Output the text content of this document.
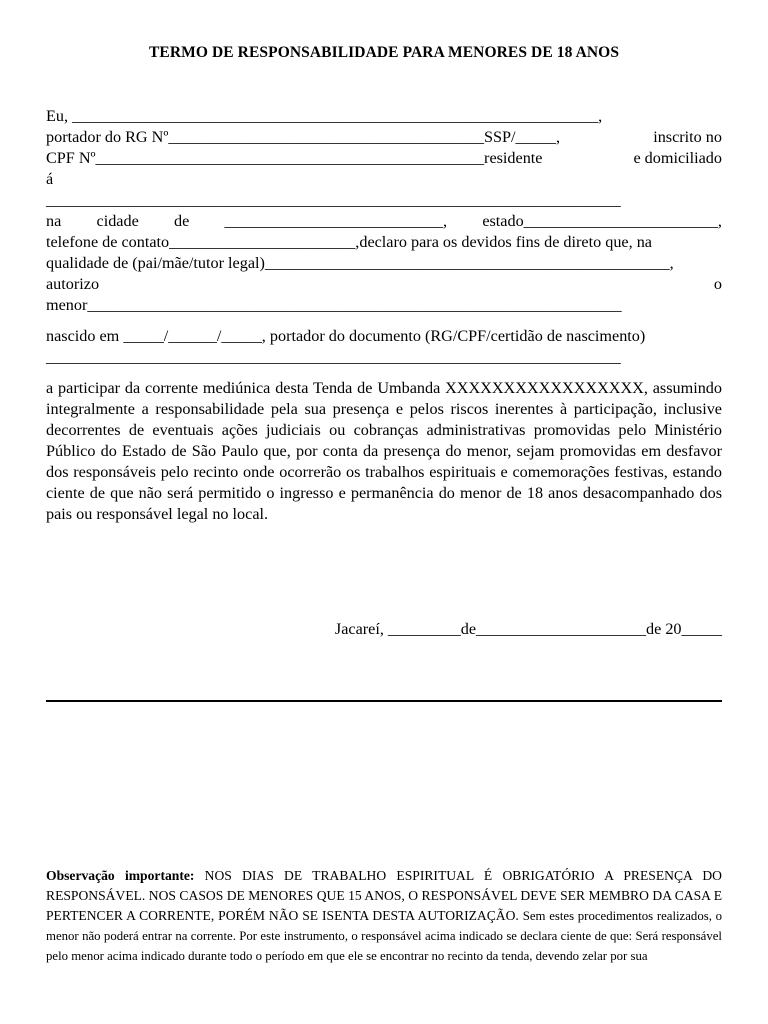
TERMO DE RESPONSABILIDADE PARA MENORES DE 18 ANOS
Eu, _________________________________________________________________,
portador do RG Nº_______________________________________SSP/_____,	inscrito no
CPF Nº________________________________________________residente	e domiciliado
á
_______________________________________________________________________
na cidade de ___________________________, estado________________________,
telefone de contato_______________________,declaro para os devidos fins de direto que, na
qualidade de (pai/mãe/tutor legal)__________________________________________________,
autorizo	o
menor__________________________________________________________________
nascido em _____/______/_____, portador do documento (RG/CPF/certidão de nascimento)
_______________________________________________________________________
a participar da corrente mediúnica desta Tenda de Umbanda XXXXXXXXXXXXXXXXX, assumindo integralmente a responsabilidade pela sua presença e pelos riscos inerentes à participação, inclusive decorrentes de eventuais ações judiciais ou cobranças administrativas promovidas pelo Ministério Público do Estado de São Paulo que, por conta da presença do menor, sejam promovidas em desfavor dos responsáveis pelo recinto onde ocorrerão os trabalhos espirituais e comemorações festivas, estando ciente de que não será permitido o ingresso e permanência do menor de 18 anos desacompanhado dos pais ou responsável legal no local.
Jacareí, _________de_____________________de 20_____
Observação importante: NOS DIAS DE TRABALHO ESPIRITUAL É OBRIGATÓRIO A PRESENÇA DO RESPONSÁVEL. NOS CASOS DE MENORES QUE 15 ANOS, O RESPONSÁVEL DEVE SER MEMBRO DA CASA E PERTENCER A CORRENTE, PORÉM NÃO SE ISENTA DESTA AUTORIZAÇÃO. Sem estes procedimentos realizados, o menor não poderá entrar na corrente. Por este instrumento, o responsável acima indicado se declara ciente de que: Será responsável pelo menor acima indicado durante todo o período em que ele se encontrar no recinto da tenda, devendo zelar por sua
